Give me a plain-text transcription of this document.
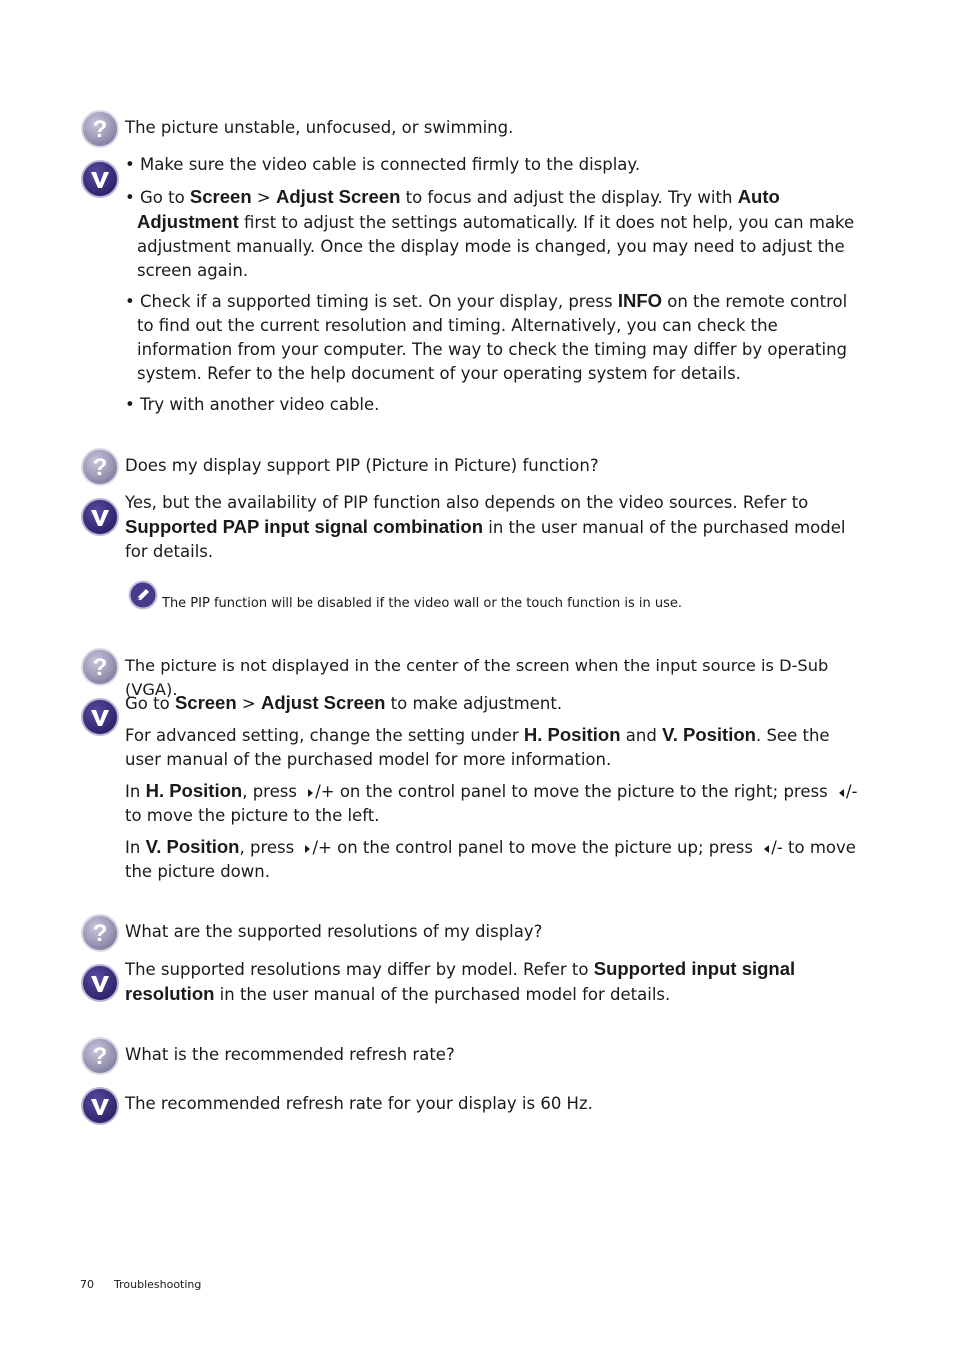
? The picture unstable, unfocused, or swimming.
• Make sure the video cable is connected firmly to the display.
• Go to Screen > Adjust Screen to focus and adjust the display. Try with Auto Adjustment first to adjust the settings automatically. If it does not help, you can make adjustment manually. Once the display mode is changed, you may need to adjust the screen again.
• Check if a supported timing is set. On your display, press INFO on the remote control to find out the current resolution and timing. Alternatively, you can check the information from your computer. The way to check the timing may differ by operating system. Refer to the help document of your operating system for details.
• Try with another video cable.
? Does my display support PIP (Picture in Picture) function?
Yes, but the availability of PIP function also depends on the video sources. Refer to Supported PAP input signal combination in the user manual of the purchased model for details.
The PIP function will be disabled if the video wall or the touch function is in use.
? The picture is not displayed in the center of the screen when the input source is D-Sub (VGA).
Go to Screen > Adjust Screen to make adjustment.
For advanced setting, change the setting under H. Position and V. Position. See the user manual of the purchased model for more information.
In H. Position, press /+ on the control panel to move the picture to the right; press /- to move the picture to the left.
In V. Position, press /+ on the control panel to move the picture up; press /- to move the picture down.
? What are the supported resolutions of my display?
The supported resolutions may differ by model. Refer to Supported input signal resolution in the user manual of the purchased model for details.
? What is the recommended refresh rate?
The recommended refresh rate for your display is 60 Hz.
70 Troubleshooting
